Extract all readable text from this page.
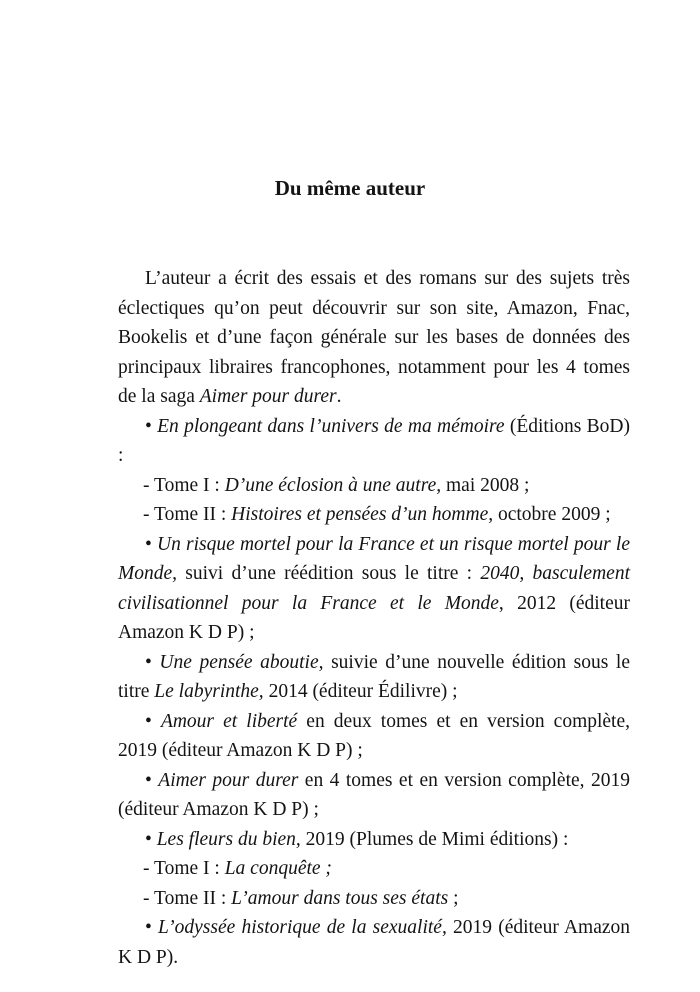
Du même auteur

L’auteur a écrit des essais et des romans sur des sujets très éclectiques qu’on peut découvrir sur son site, Amazon, Fnac, Bookelis et d’une façon générale sur les bases de données des principaux libraires francophones, notamment pour les 4 tomes de la saga Aimer pour durer.

• En plongeant dans l’univers de ma mémoire (Éditions BoD) :

- Tome I : D’une éclosion à une autre, mai 2008 ;

- Tome II : Histoires et pensées d’un homme, octobre 2009 ;

• Un risque mortel pour la France et un risque mortel pour le Monde, suivi d’une réédition sous le titre : 2040, basculement civilisationnel pour la France et le Monde, 2012 (éditeur Amazon K D P) ;

• Une pensée aboutie, suivie d’une nouvelle édition sous le titre Le labyrinthe, 2014 (éditeur Édilivre) ;

• Amour et liberté en deux tomes et en version complète, 2019 (éditeur Amazon K D P) ;

• Aimer pour durer en 4 tomes et en version complète, 2019 (éditeur Amazon K D P) ;

• Les fleurs du bien, 2019 (Plumes de Mimi éditions) :

- Tome I : La conquête ;

- Tome II : L’amour dans tous ses états ;

• L’odyssée historique de la sexualité, 2019 (éditeur Amazon K D P).
